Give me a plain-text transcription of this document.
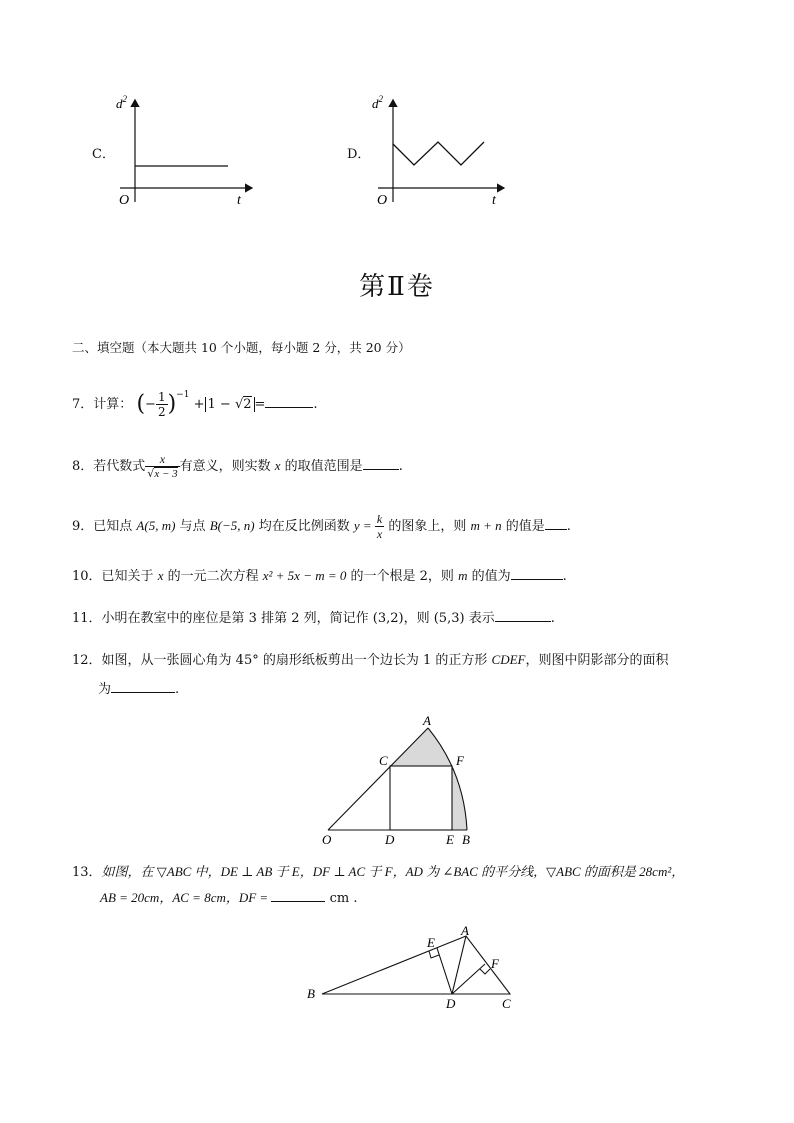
C．
$d^2$
O	t
D．
$d^2$
O	t
第Ⅱ卷
二、填空题（本大题共 10 个小题，每小题 2 分，共 20 分）
7．计算： (− $\frac{1}{2} )^{-1} + 1 - √2$ =	.
8．若代数式 $\frac{x}{√x - 3}$ 有意义，则实数 x 的取值范围是	.
9．已知点 A(5, m) 与点 B(−5, n) 均在反比例函数 $y = \frac{k}{x}$ 的图象上，则 m + n 的值是 .
10．已知关于 x 的一元二次方程 x² + 5x − m = 0 的一个根是 2，则 m 的值为	.
11．小明在教室中的座位是第 3 排第 2 列，简记作 (3,2)，则 (5,3) 表示	.
12．如图，从一张圆心角为 45° 的扇形纸板剪出一个边长为 1 的正方形 CDEF，则图中阴影部分的面积
为	.
A
C	F
O	D	E B
13．如图，在 ▽ABC 中，DE ⊥ AB 于 E，DF ⊥ AC 于 F，AD 为 ∠BAC 的平分线，▽ABC 的面积是 28cm²，
AB = 20cm，AC = 8cm，DF =	cm .
A
E
F
B
D	C
